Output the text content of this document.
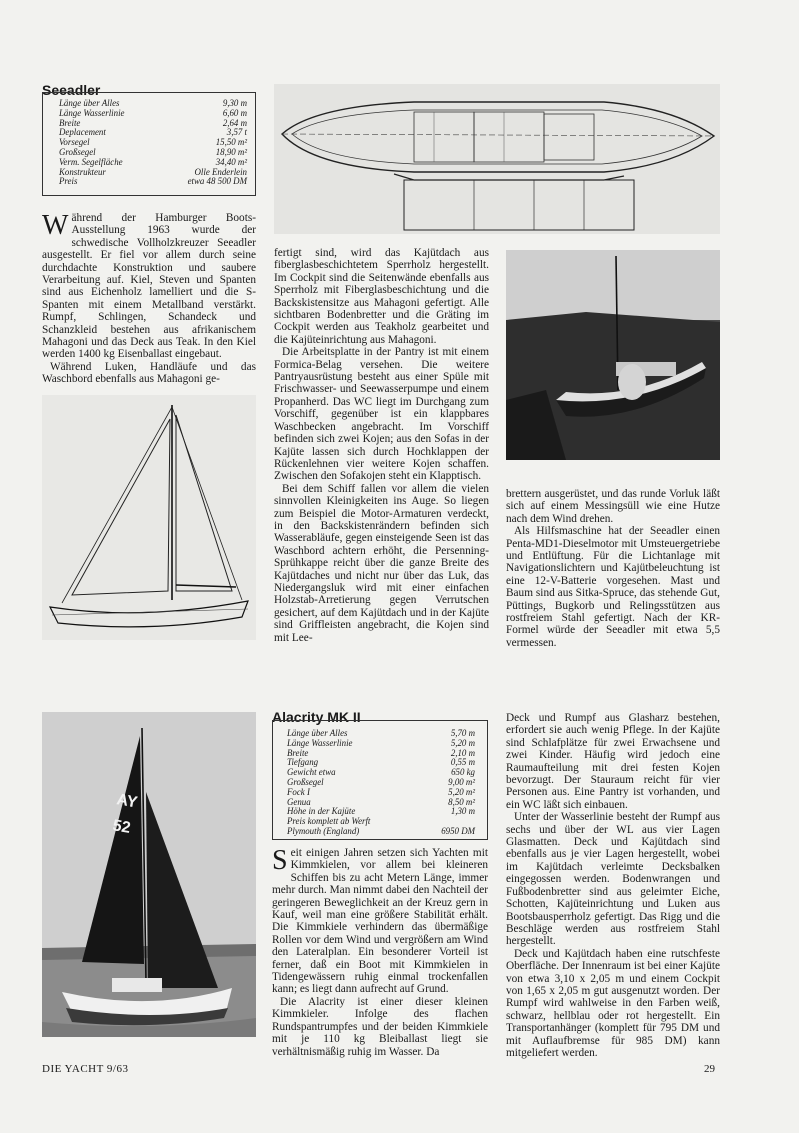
Seeadler
Länge über Alles	9,30 m
Länge Wasserlinie	6,60 m
Breite	2,64 m
Deplacement	3,57 t
Vorsegel	15,50 m²
Großsegel	18,90 m²
Verm. Segelfläche	34,40 m²
Konstrukteur	Olle Enderlein
Preis	etwa 48 500 DM

Während der Hamburger Boots-Ausstellung 1963 wurde der schwedische Vollholzkreuzer Seeadler ausgestellt. Er fiel vor allem durch seine durchdachte Konstruktion und saubere Verarbeitung auf. Kiel, Steven und Spanten sind aus Eichenholz lamelliert und die S-Spanten mit einem Metallband verstärkt. Rumpf, Schlingen, Schandeck und Schanzkleid bestehen aus afrikanischem Mahagoni und das Deck aus Teak. In den Kiel werden 1400 kg Eisenballast eingebaut.

Während Luken, Handläufe und das Waschbord ebenfalls aus Mahagoni ge-

fertigt sind, wird das Kajütdach aus fiberglasbeschichtetem Sperrholz hergestellt. Im Cockpit sind die Seitenwände ebenfalls aus Sperrholz mit Fiberglasbeschichtung und die Backskistensitze aus Mahagoni gefertigt. Alle sichtbaren Bodenbretter und die Gräting im Cockpit werden aus Teakholz gearbeitet und die Kajüteinrichtung aus Mahagoni.

Die Arbeitsplatte in der Pantry ist mit einem Formica-Belag versehen. Die weitere Pantryausrüstung besteht aus einer Spüle mit Frischwasser- und Seewasserpumpe und einem Propanherd. Das WC liegt im Durchgang zum Vorschiff, gegenüber ist ein klappbares Waschbecken angebracht. Im Vorschiff befinden sich zwei Kojen; aus den Sofas in der Kajüte lassen sich durch Hochklappen der Rückenlehnen vier weitere Kojen schaffen. Zwischen den Sofakojen steht ein Klapptisch.

Bei dem Schiff fallen vor allem die vielen sinnvollen Kleinigkeiten ins Auge. So liegen zum Beispiel die Motor-Armaturen verdeckt, in den Backskistenrändern befinden sich Wasserabläufe, gegen einsteigende Seen ist das Waschbord achtern erhöht, die Persenning-Sprühkappe reicht über die ganze Breite des Kajütdaches und nicht nur über das Luk, das Niedergangsluk wird mit einer einfachen Holzstab-Arretierung gegen Verrutschen gesichert, auf dem Kajütdach und in der Kajüte sind Griffleisten angebracht, die Kojen sind mit Lee-

brettern ausgerüstet, und das runde Vorluk läßt sich auf einem Messingsüll wie eine Hutze nach dem Wind drehen.

Als Hilfsmaschine hat der Seeadler einen Penta-MD1-Dieselmotor mit Umsteuergetriebe und Entlüftung. Für die Lichtanlage mit Navigationslichtern und Kajütbeleuchtung ist eine 12-V-Batterie vorgesehen. Mast und Baum sind aus Sitka-Spruce, das stehende Gut, Püttings, Bugkorb und Relingsstützen aus rostfreiem Stahl gefertigt. Nach der KR-Formel würde der Seeadler mit etwa 5,5 vermessen.

AY
52
Alacrity MK II
Länge über Alles	5,70 m
Länge Wasserlinie	5,20 m
Breite	2,10 m
Tiefgang	0,55 m
Gewicht etwa	650 kg
Großsegel	9,00 m²
Fock I	5,20 m²
Genua	8,50 m²
Höhe in der Kajüte	1,30 m
Preis komplett ab Werft	
Plymouth (England)	6950 DM

Seit einigen Jahren setzen sich Yachten mit Kimmkielen, vor allem bei kleineren Schiffen bis zu acht Metern Länge, immer mehr durch. Man nimmt dabei den Nachteil der geringeren Beweglichkeit an der Kreuz gern in Kauf, weil man eine größere Stabilität erhält. Die Kimmkiele verhindern das übermäßige Rollen vor dem Wind und vergrößern am Wind den Lateralplan. Ein besonderer Vorteil ist ferner, daß ein Boot mit Kimmkielen in Tidengewässern ruhig einmal trockenfallen kann; es liegt dann aufrecht auf Grund.

Die Alacrity ist einer dieser kleinen Kimmkieler. Infolge des flachen Rundspantrumpfes und der beiden Kimmkiele mit je 110 kg Bleiballast liegt sie verhältnismäßig ruhig im Wasser. Da

Deck und Rumpf aus Glasharz bestehen, erfordert sie auch wenig Pflege. In der Kajüte sind Schlafplätze für zwei Erwachsene und zwei Kinder. Häufig wird jedoch eine Raumaufteilung mit drei festen Kojen bevorzugt. Der Stauraum reicht für vier Personen aus. Eine Pantry ist vorhanden, und ein WC läßt sich einbauen.

Unter der Wasserlinie besteht der Rumpf aus sechs und über der WL aus vier Lagen Glasmatten. Deck und Kajütdach sind ebenfalls aus je vier Lagen hergestellt, wobei im Kajütdach verleimte Decksbalken eingegossen werden. Bodenwrangen und Fußbodenbretter sind aus geleimter Eiche, Schotten, Kajüteinrichtung und Luken aus Bootsbausperrholz gefertigt. Das Rigg und die Beschläge werden aus rostfreiem Stahl hergestellt.

Deck und Kajütdach haben eine rutschfeste Oberfläche. Der Innenraum ist bei einer Kajüte von etwa 3,10 x 2,05 m und einem Cockpit von 1,65 x 2,05 m gut ausgenutzt worden. Der Rumpf wird wahlweise in den Farben weiß, schwarz, hellblau oder rot hergestellt. Ein Transportanhänger (komplett für 795 DM und mit Auflaufbremse für 985 DM) kann mitgeliefert werden.

DIE YACHT 9/63	29
